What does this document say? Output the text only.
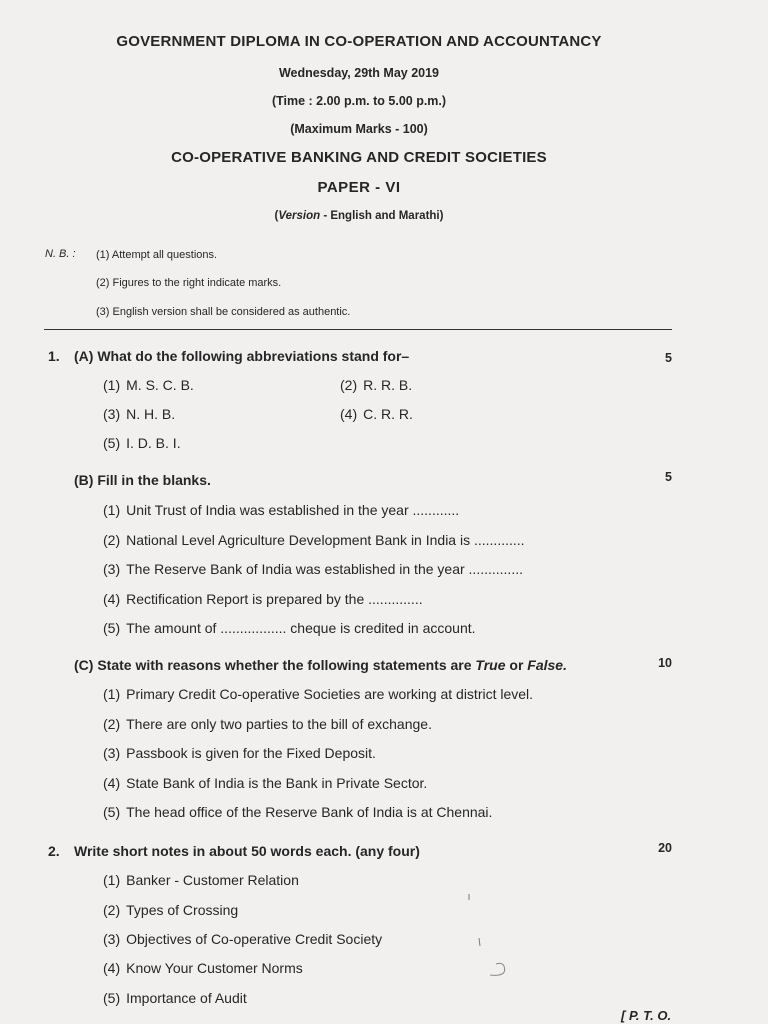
GOVERNMENT DIPLOMA IN CO-OPERATION AND ACCOUNTANCY
Wednesday, 29th May 2019
(Time : 2.00 p.m. to 5.00 p.m.)
(Maximum Marks - 100)
CO-OPERATIVE BANKING AND CREDIT SOCIETIES
PAPER - VI
(Version - English and Marathi)
N. B. : (1) Attempt all questions.
(2) Figures to the right indicate marks.
(3) English version shall be considered as authentic.
1. (A) What do the following abbreviations stand for–	5
(1) M. S. C. B.	(2) R. R. B.
(3) N. H. B.	(4) C. R. R.
(5) I. D. B. I.
(B) Fill in the blanks.	5
(1) Unit Trust of India was established in the year ............
(2) National Level Agriculture Development Bank in India is .............
(3) The Reserve Bank of India was established in the year ..............
(4) Rectification Report is prepared by the ..............
(5) The amount of ................. cheque is credited in account.
(C) State with reasons whether the following statements are True or False.	10
(1) Primary Credit Co-operative Societies are working at district level.
(2) There are only two parties to the bill of exchange.
(3) Passbook is given for the Fixed Deposit.
(4) State Bank of India is the Bank in Private Sector.
(5) The head office of the Reserve Bank of India is at Chennai.
2. Write short notes in about 50 words each. (any four)	20
(1) Banker - Customer Relation
(2) Types of Crossing
(3) Objectives of Co-operative Credit Society
(4) Know Your Customer Norms
(5) Importance of Audit
[ P. T. O.
